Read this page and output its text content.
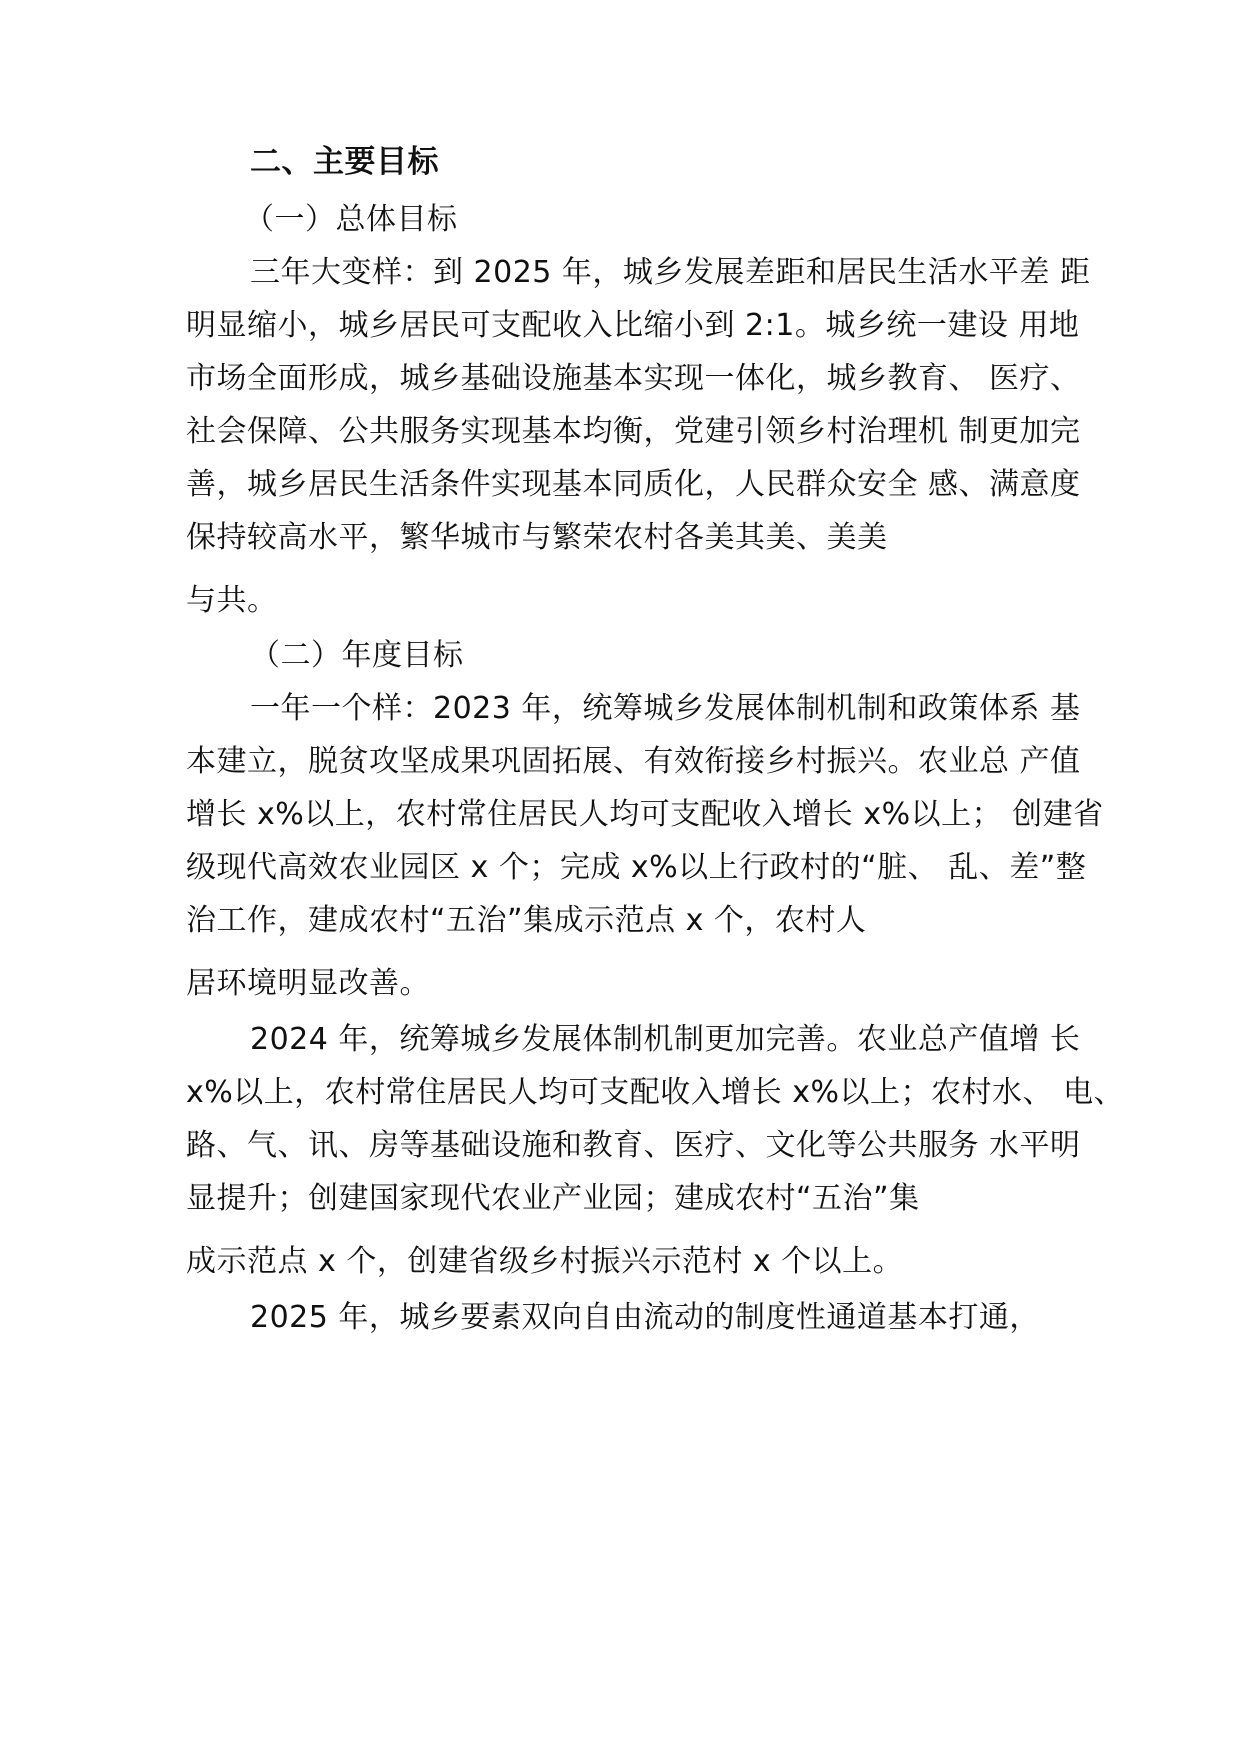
二、主要目标
（一）总体目标
三年大变样：到 2025 年，城乡发展差距和居民生活水平差 距
明显缩小，城乡居民可支配收入比缩小到 2:1。城乡统一建设 用地
市场全面形成，城乡基础设施基本实现一体化，城乡教育、 医疗、
社会保障、公共服务实现基本均衡，党建引领乡村治理机 制更加完
善，城乡居民生活条件实现基本同质化，人民群众安全 感、满意度
保持较高水平，繁华城市与繁荣农村各美其美、美美
与共。
（二）年度目标
一年一个样：2023 年，统筹城乡发展体制机制和政策体系 基
本建立，脱贫攻坚成果巩固拓展、有效衔接乡村振兴。农业总 产值
增长 x%以上，农村常住居民人均可支配收入增长 x%以上； 创建省
级现代高效农业园区 x 个；完成 x%以上行政村的“脏、 乱、差”整
治工作，建成农村“五治”集成示范点 x 个，农村人
居环境明显改善。
2024 年，统筹城乡发展体制机制更加完善。农业总产值增 长
x%以上，农村常住居民人均可支配收入增长 x%以上；农村水、 电、
路、气、讯、房等基础设施和教育、医疗、文化等公共服务 水平明
显提升；创建国家现代农业产业园；建成农村“五治”集
成示范点 x 个，创建省级乡村振兴示范村 x 个以上。
2025 年，城乡要素双向自由流动的制度性通道基本打通，
